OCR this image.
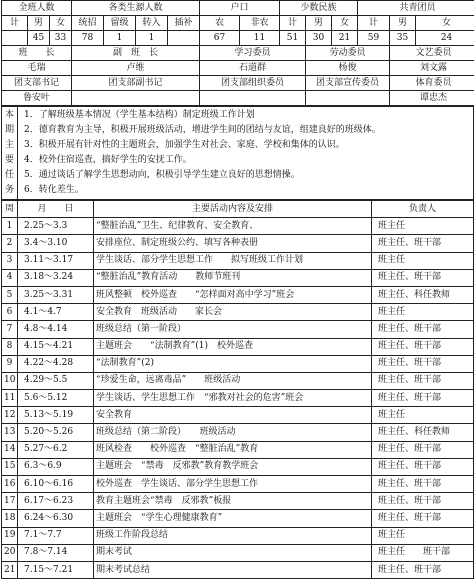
全班人数			各类生源人数				户口		少数民族			共青团员		
计	男	女	统招	留级	转入	插补	农	非农	计	男	女	计	男	女
	45	33	78	1	1		67	11	51	30	21	59	35	24
班　　长			副　班　长				学习委员			劳动委员			文艺委员	
毛瑞			卢维				石道群			杨俊			刘文露	
团支部书记			团支部副书记				团支部组织委员			团支部宣传委员			体育委员	
鲁安叶													谭忠杰	
本期主要任务	
1．了解班级基本情况（学生基本结构）制定班级工作计划
2．德育教育为主导，积极开展班级活动，增进学生间的团结与友谊，组建良好的班级体。
3．积极开展有针对性的主题班会，加强学生对社会、家庭、学校和集体的认识。
4．校外住宿巡查，搞好学生的安抚工作。
5．通过谈话了解学生思想动向，积极引导学生建立良好的思想情操。
6．转化差生。
周	月　　日	主要活动内容及安排	负责人
1	2.25～3.3	“整脏治乱”卫生、纪律教育、安全教育、	班主任
2	3.4～3.10	安排座位、制定班级公约、填写各种表册	班主任、班干部
3	3.11～3.17	学生谈话、部分学生思想工作　　拟写班级工作计划	班主任
4	3.18～3.24	“整脏治乱”教育活动　　教师节班刊	班主任、班干部
5	3.25～3.31	班风整顿　校外巡查　　“怎样面对高中学习”班会	班主任、科任教师
6	4.1～4.7	安全教育　班级活动　　家长会	班主任
7	4.8～4.14	班级总结（第一阶段）	班主任、班干部
8	4.15～4.21	主题班会　　“法制教育”(1)　校外巡查	班主任、班干部
9	4.22～4.28	“法制教育”(2)	班主任、班干部
10	4.29～5.5	“珍爱生命，远离毒品”　　班级活动	班主任、班干部
11	5.6～5.12	学生谈话、学生思想工作　“邪教对社会的危害”班会	班主任、班干部
12	5.13～5.19	安全教育	班主任
13	5.20～5.26	班级总结（第二阶段）　　班级活动	班主任、科任教师
14	5.27～6.2	班风检查　　校外巡查　“整脏治乱”教育	班主任、班干部
15	6.3～6.9	主题班会　“禁毒　反邪教”教育教学班会	班主任、班干部
16	6.10～6.16	校外巡查　学生谈话、部分学生思想工作	班主任、班干部
17	6.17～6.23	教育主题班会“禁毒　反邪教”板报	班主任、班干部
18	6.24～6.30	主题班会　“学生心理健康教育”	班主任、班干部
19	7.1～7.7	班级工作阶段总结	班主任
20	7.8～7.14	期末考试	班主任　　班干部
21	7.15～7.21	期末考试总结	班主任、班干部
